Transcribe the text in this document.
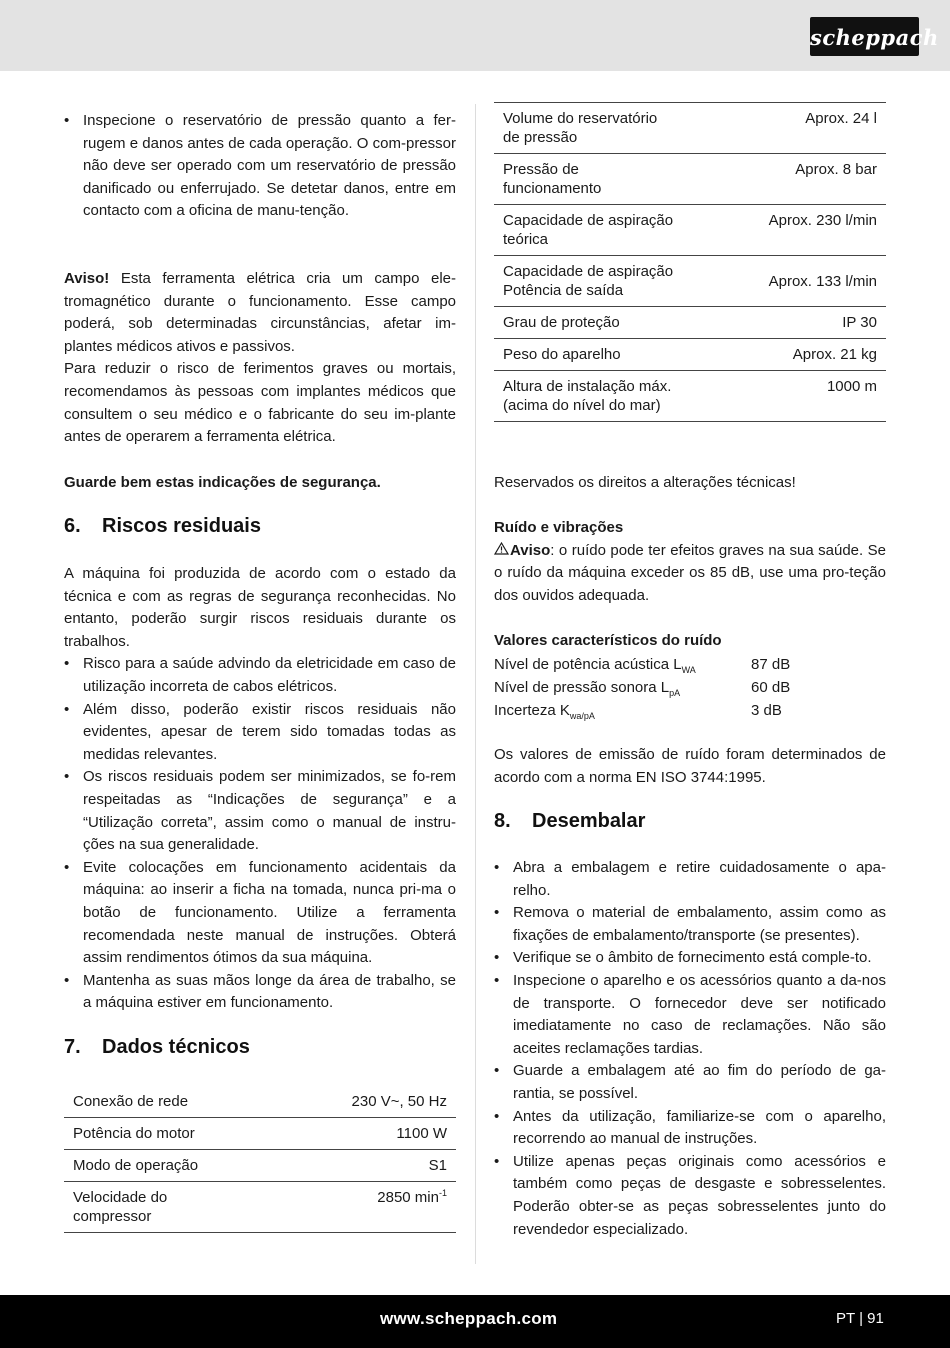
scheppach
• Inspecione o reservatório de pressão quanto a fer-rugem e danos antes de cada operação. O com-pressor não deve ser operado com um reservatório de pressão danificado ou enferrujado. Se detetar danos, entre em contacto com a oficina de manu-tenção.

Aviso! Esta ferramenta elétrica cria um campo ele-tromagnético durante o funcionamento. Esse campo poderá, sob determinadas circunstâncias, afetar im-plantes médicos ativos e passivos.

Para reduzir o risco de ferimentos graves ou mortais, recomendamos às pessoas com implantes médicos que consultem o seu médico e o fabricante do seu im-plante antes de operarem a ferramenta elétrica.

Guarde bem estas indicações de segurança.

6. Riscos residuais

A máquina foi produzida de acordo com o estado da técnica e com as regras de segurança reconhecidas. No entanto, poderão surgir riscos residuais durante os trabalhos.

• Risco para a saúde advindo da eletricidade em caso de utilização incorreta de cabos elétricos.
• Além disso, poderão existir riscos residuais não evidentes, apesar de terem sido tomadas todas as medidas relevantes.
• Os riscos residuais podem ser minimizados, se fo-rem respeitadas as “Indicações de segurança” e a “Utilização correta”, assim como o manual de instru-ções na sua generalidade.
• Evite colocações em funcionamento acidentais da máquina: ao inserir a ficha na tomada, nunca pri-ma o botão de funcionamento. Utilize a ferramenta recomendada neste manual de instruções. Obterá assim rendimentos ótimos da sua máquina.
• Mantenha as suas mãos longe da área de trabalho, se a máquina estiver em funcionamento.
7. Dados técnicos
Conexão de rede	230 V~, 50 Hz
Potência do motor	1100 W
Modo de operação	S1
Velocidade do compressor	2850 $\min^{-1}$
Volume do reservatório de pressão	Aprox. 24 l
Pressão de funcionamento	Aprox. 8 bar
Capacidade de aspiração teórica	Aprox. 230 l/min
Capacidade de aspiração Potência de saída	Aprox. 133 l/min
Grau de proteção	IP 30
Peso do aparelho	Aprox. 21 kg
Altura de instalação máx. (acima do nível do mar)	1000 m

Reservados os direitos a alterações técnicas!

Ruído e vibrações

Aviso: o ruído pode ter efeitos graves na sua saúde. Se o ruído da máquina exceder os 85 dB, use uma pro-teção dos ouvidos adequada.

Valores característicos do ruído

Nível de potência acústica $L_{WA}$	87 dB
Nível de pressão sonora $L_{pA}$	60 dB
Incerteza $K_{wa/pA}$	3 dB

Os valores de emissão de ruído foram determinados de acordo com a norma EN ISO 3744:1995.

8. Desembalar
• Abra a embalagem e retire cuidadosamente o apa-relho.
• Remova o material de embalamento, assim como as fixações de embalamento/transporte (se presentes).
• Verifique se o âmbito de fornecimento está comple-to.
• Inspecione o aparelho e os acessórios quanto a da-nos de transporte. O fornecedor deve ser notificado imediatamente no caso de reclamações. Não são aceites reclamações tardias.
• Guarde a embalagem até ao fim do período de ga-rantia, se possível.
• Antes da utilização, familiarize-se com o aparelho, recorrendo ao manual de instruções.
• Utilize apenas peças originais como acessórios e também como peças de desgaste e sobresselentes. Poderão obter-se as peças sobresselentes junto do revendedor especializado.
www.scheppach.com	PT | 91
